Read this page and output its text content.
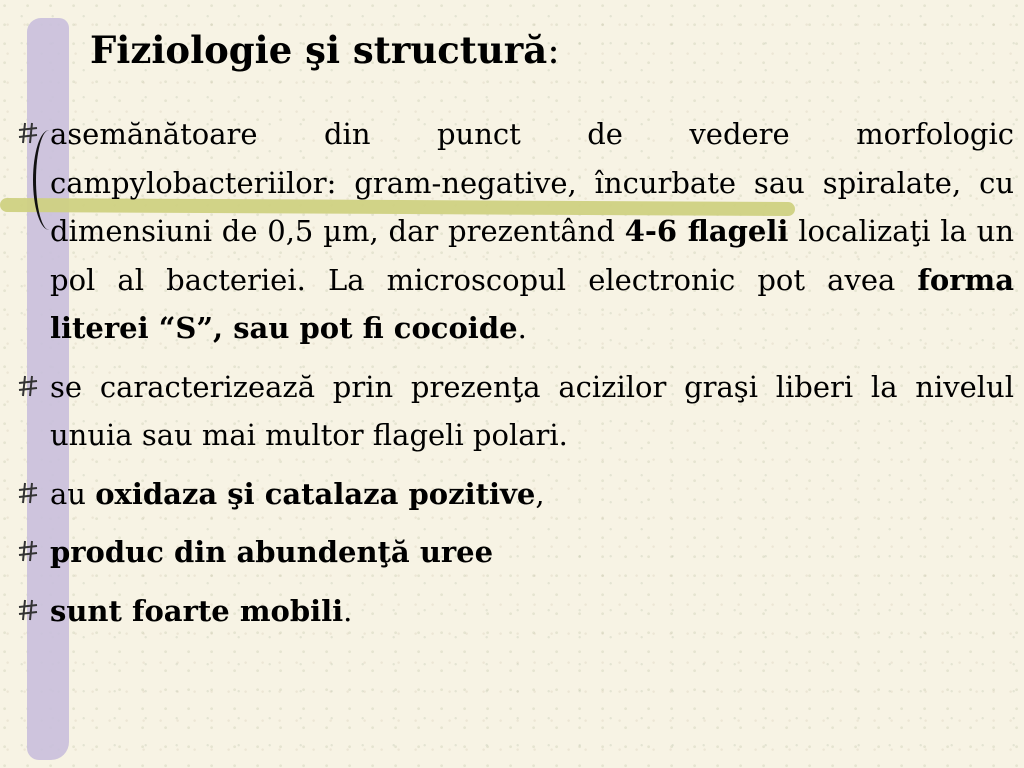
Fiziologie şi structură:

asemănătoare din punct de vedere morfologic campylobacteriilor: gram-negative, încurbate sau spiralate, cu dimensiuni de 0,5 µm, dar prezentând 4-6 flageli localizaţi la un pol al bacteriei. La microscopul electronic pot avea forma literei “S”, sau pot fi cocoide.

se caracterizează prin prezenţa acizilor graşi liberi la nivelul unuia sau mai multor flageli polari.

au oxidaza şi catalaza pozitive,

produc din abundenţă uree

sunt foarte mobili.
